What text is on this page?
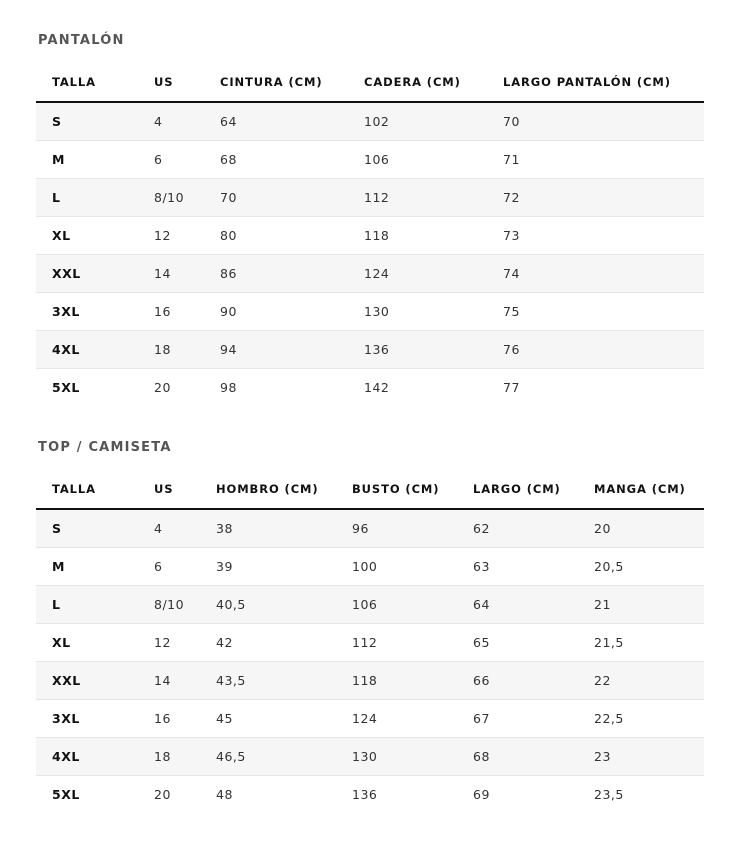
PANTALÓN
TALLA	US	CINTURA (CM)	CADERA (CM)	LARGO PANTALÓN (CM)
S	4	64	102	70
M	6	68	106	71
L	8/10	70	112	72
XL	12	80	118	73
XXL	14	86	124	74
3XL	16	90	130	75
4XL	18	94	136	76
5XL	20	98	142	77
TOP / CAMISETA
TALLA	US	HOMBRO (CM)	BUSTO (CM)	LARGO (CM)	MANGA (CM)
S	4	38	96	62	20
M	6	39	100	63	20,5
L	8/10	40,5	106	64	21
XL	12	42	112	65	21,5
XXL	14	43,5	118	66	22
3XL	16	45	124	67	22,5
4XL	18	46,5	130	68	23
5XL	20	48	136	69	23,5
